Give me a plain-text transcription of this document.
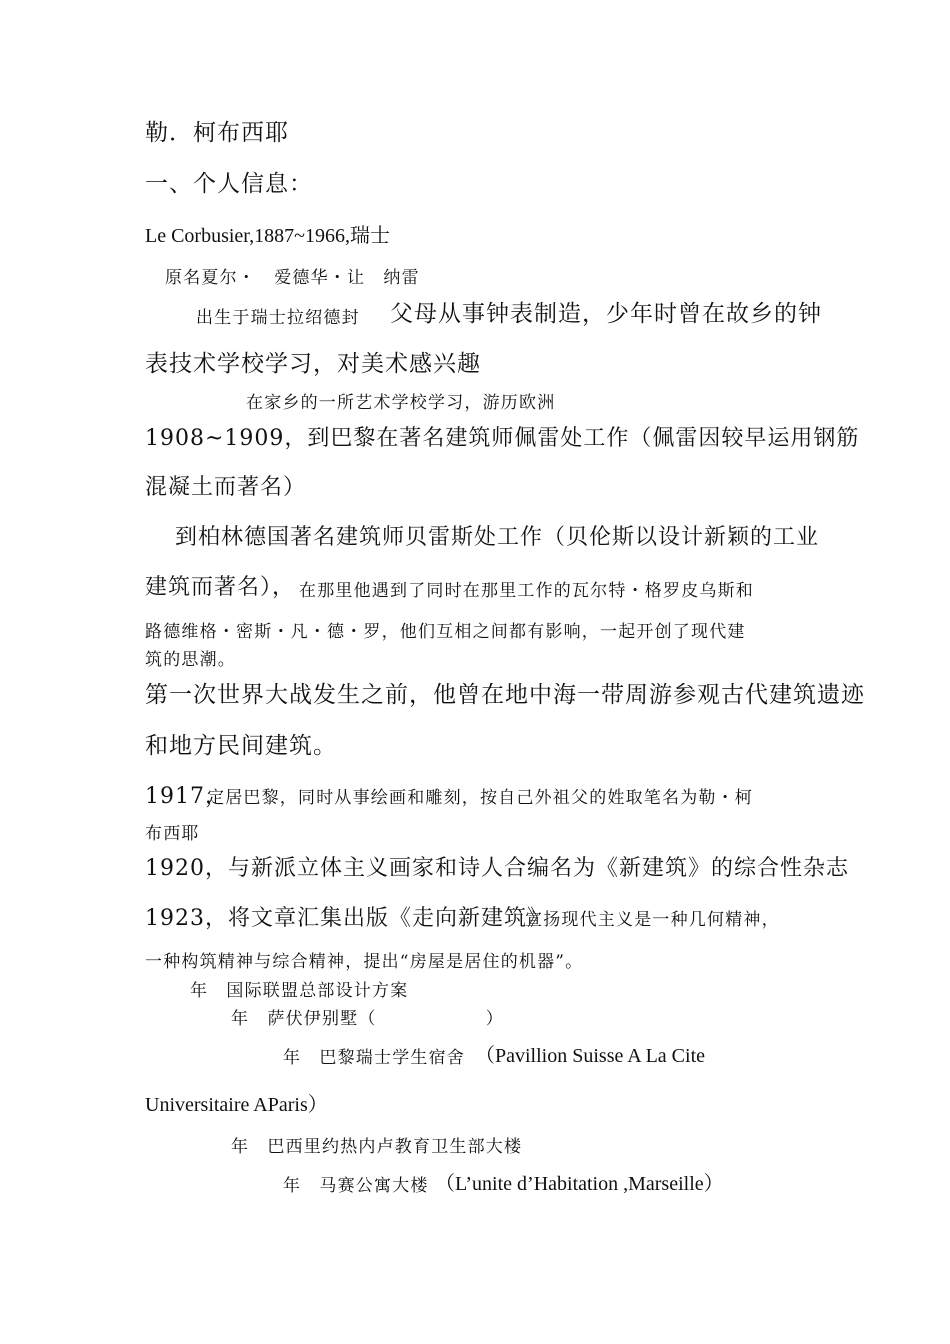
勒．柯布西耶
一、个人信息：

Le Corbusier,1887~1966,瑞士

原名夏尔・　爱德华・让　纳雷

出生于瑞士拉绍德封 父母从事钟表制造，少年时曾在故乡的钟

表技术学校学习，对美术感兴趣

在家乡的一所艺术学校学习，游历欧洲

1908~1909，到巴黎在著名建筑师佩雷处工作（佩雷因较早运用钢筋

混凝土而著名）

到柏林德国著名建筑师贝雷斯处工作（贝伦斯以设计新颖的工业

建筑而著名）， 在那里他遇到了同时在那里工作的瓦尔特・格罗皮乌斯和

路德维格・密斯・凡・德・罗，他们互相之间都有影响，一起开创了现代建

筑的思潮。

第一次世界大战发生之前，他曾在地中海一带周游参观古代建筑遗迹

和地方民间建筑。

1917，

定居巴黎，同时从事绘画和雕刻，按自己外祖父的姓取笔名为勒・柯

布西耶

1920，与新派立体主义画家和诗人合编名为《新建筑》的综合性杂志

1923，将文章汇集出版《走向新建筑》

宣扬现代主义是一种几何精神，

一种构筑精神与综合精神，提出“房屋是居住的机器”。

年　国际联盟总部设计方案

年　萨伏伊别墅（　　　　　　）

年　巴黎瑞士学生宿舍 （Pavillion Suisse A La Cite

Universitaire AParis）

年　巴西里约热内卢教育卫生部大楼

年　马赛公寓大楼 （L’unite d’Habitation ,Marseille）
